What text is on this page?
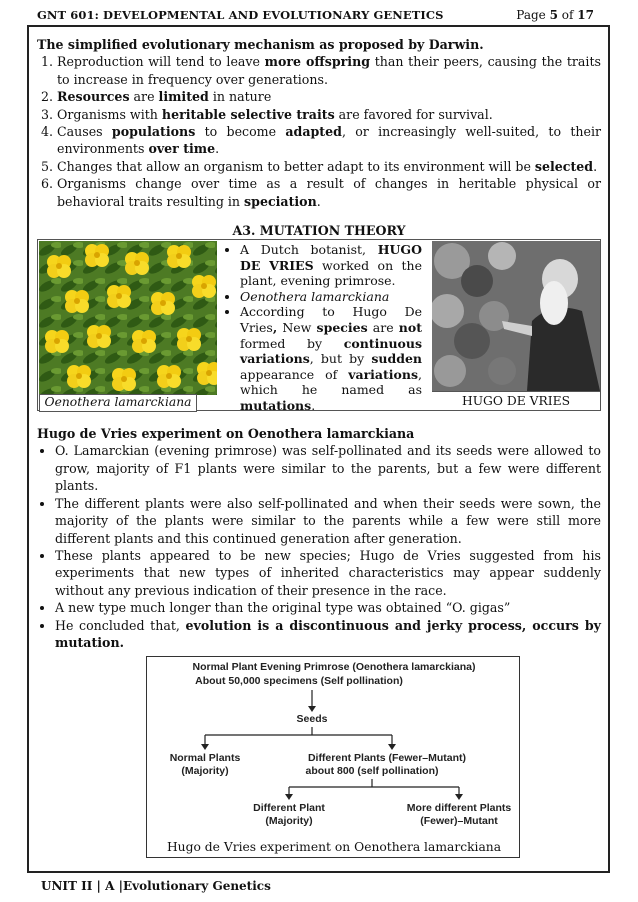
GNT 601: DEVELOPMENTAL AND EVOLUTIONARY GENETICS	Page 5 of 17
The simplified evolutionary mechanism as proposed by Darwin.
1. Reproduction will tend to leave more offspring than their peers, causing the traits to increase in frequency over generations.
2. Resources are limited in nature
3. Organisms with heritable selective traits are favored for survival.
4. Causes populations to become adapted, or increasingly well-suited, to their environments over time.
5. Changes that allow an organism to better adapt to its environment will be selected.
6. Organisms change over time as a result of changes in heritable physical or behavioral traits resulting in speciation.
A3. MUTATION THEORY
Oenothera lamarckiana
• A Dutch botanist, HUGO DE VRIES worked on the plant, evening primrose.
• Oenothera lamarckiana
• According to Hugo De Vries, New species are not formed by continuous variations, but by sudden appearance of variations, which he named as mutations.	HUGO DE VRIES
Hugo de Vries experiment on Oenothera lamarckiana
• O. Lamarckian (evening primrose) was self-pollinated and its seeds were allowed to grow, majority of F1 plants were similar to the parents, but a few were different plants.
• The different plants were also self-pollinated and when their seeds were sown, the majority of the plants were similar to the parents while a few were still more different plants and this continued generation after generation.
• These plants appeared to be new species; Hugo de Vries suggested from his experiments that new types of inherited characteristics may appear suddenly without any previous indication of their presence in the race.
• A new type much longer than the original type was obtained “O. gigas”
• He concluded that, evolution is a discontinuous and jerky process, occurs by mutation.
Normal Plant Evening Primrose (Oenothera lamarckiana)
About 50,000 specimens (Self pollination)
Seeds
Normal Plants
(Majority)
Different Plants (Fewer–Mutant)
about 800 (self pollination)
Different Plant
(Majority)
More different Plants
(Fewer)–Mutant
Hugo de Vries experiment on Oenothera lamarckiana
UNIT II | A |Evolutionary Genetics
